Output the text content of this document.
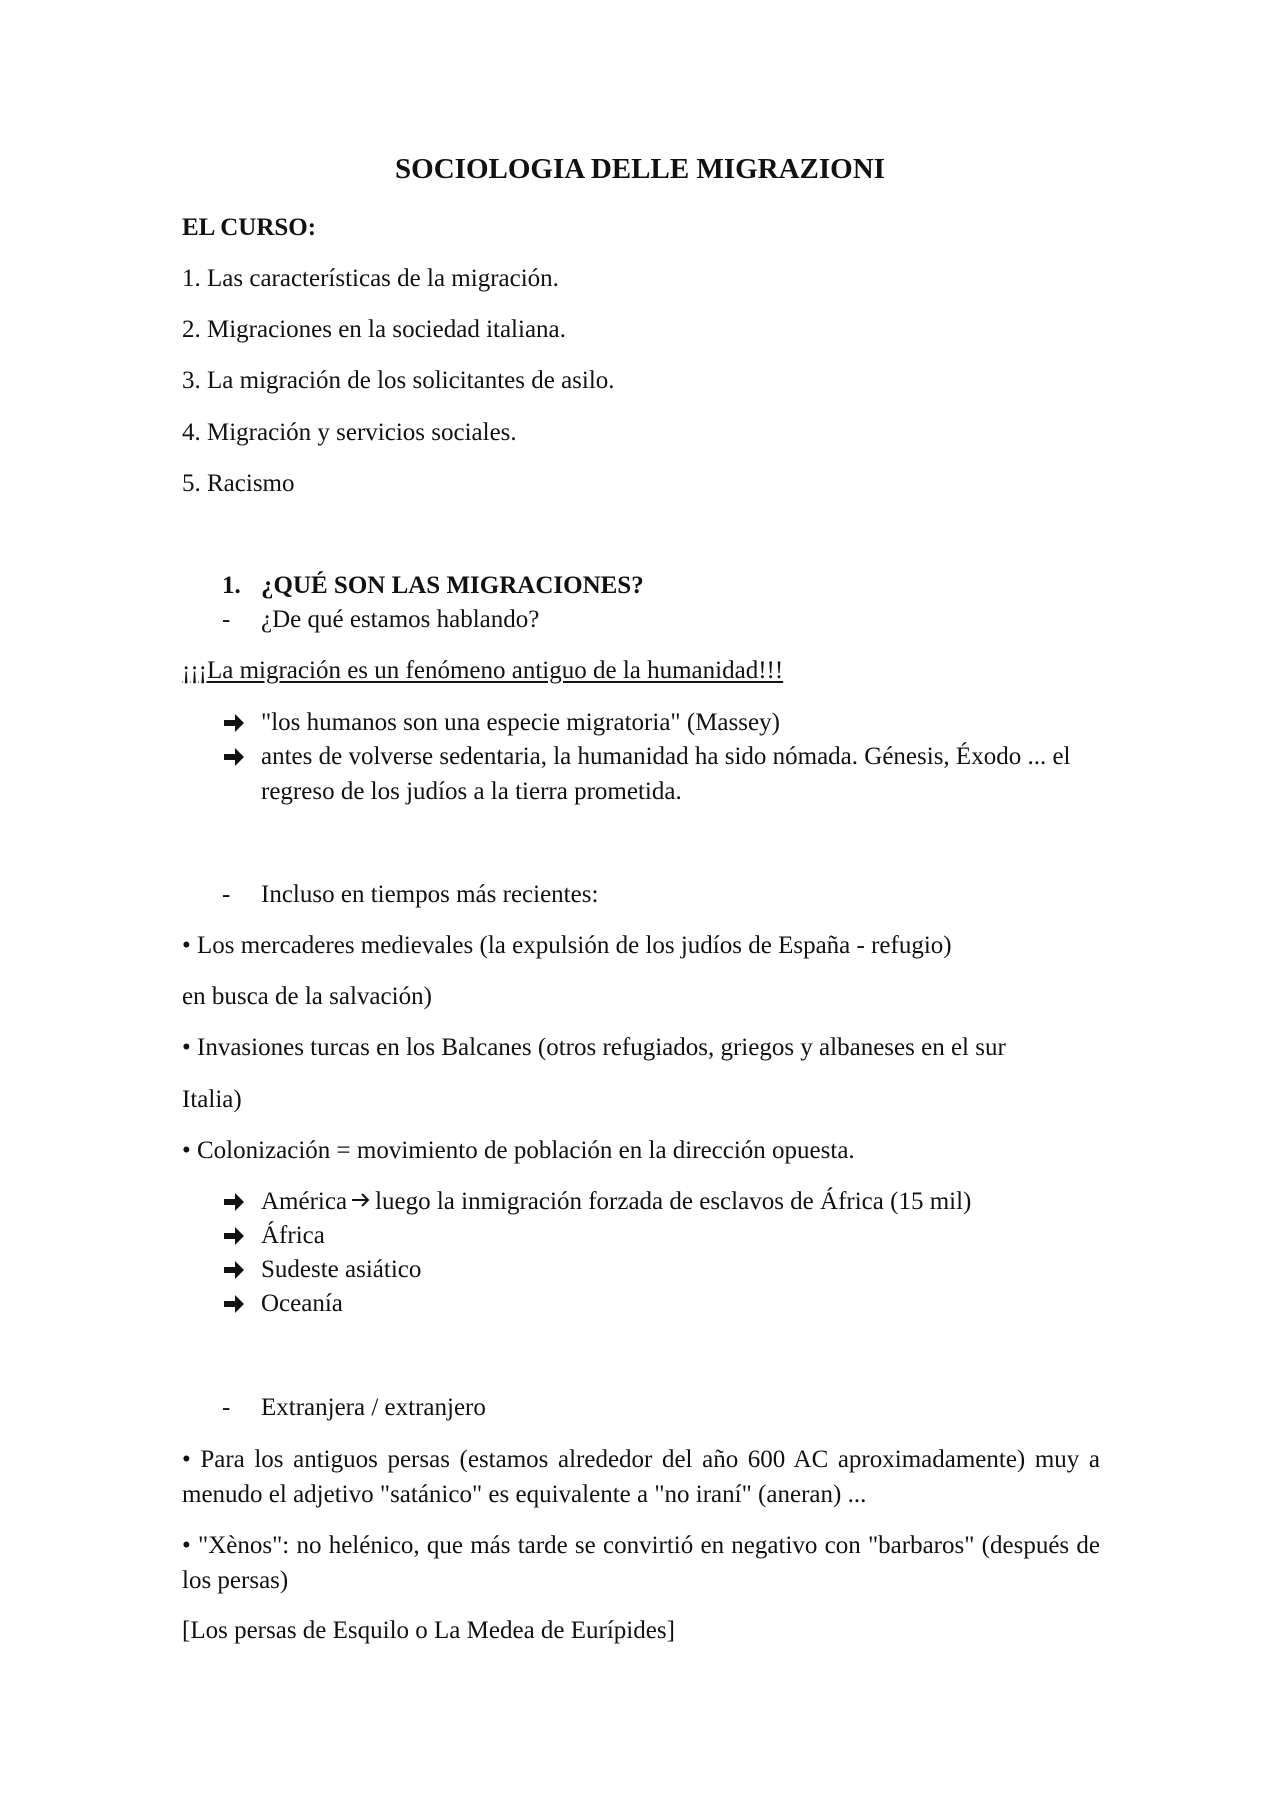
SOCIOLOGIA DELLE MIGRAZIONI
EL CURSO:
1. Las características de la migración.
2. Migraciones en la sociedad italiana.
3. La migración de los solicitantes de asilo.
4. Migración y servicios sociales.
5. Racismo
1. ¿QUÉ SON LAS MIGRACIONES?
- ¿De qué estamos hablando?
¡¡¡La migración es un fenómeno antiguo de la humanidad!!!
"los humanos son una especie migratoria" (Massey)
antes de volverse sedentaria, la humanidad ha sido nómada. Génesis, Éxodo ... el
regreso de los judíos a la tierra prometida.
- Incluso en tiempos más recientes:
• Los mercaderes medievales (la expulsión de los judíos de España - refugio)
en busca de la salvación)
• Invasiones turcas en los Balcanes (otros refugiados, griegos y albaneses en el sur
Italia)
• Colonización = movimiento de población en la dirección opuesta.
América luego la inmigración forzada de esclavos de África (15 mil)
África
Sudeste asiático
Oceanía
- Extranjera / extranjero
• Para los antiguos persas (estamos alrededor del año 600 AC aproximadamente) muy a menudo el adjetivo "satánico" es equivalente a "no iraní" (aneran) ...
• "Xènos": no helénico, que más tarde se convirtió en negativo con "barbaros" (después de los persas)
[Los persas de Esquilo o La Medea de Eurípides]
